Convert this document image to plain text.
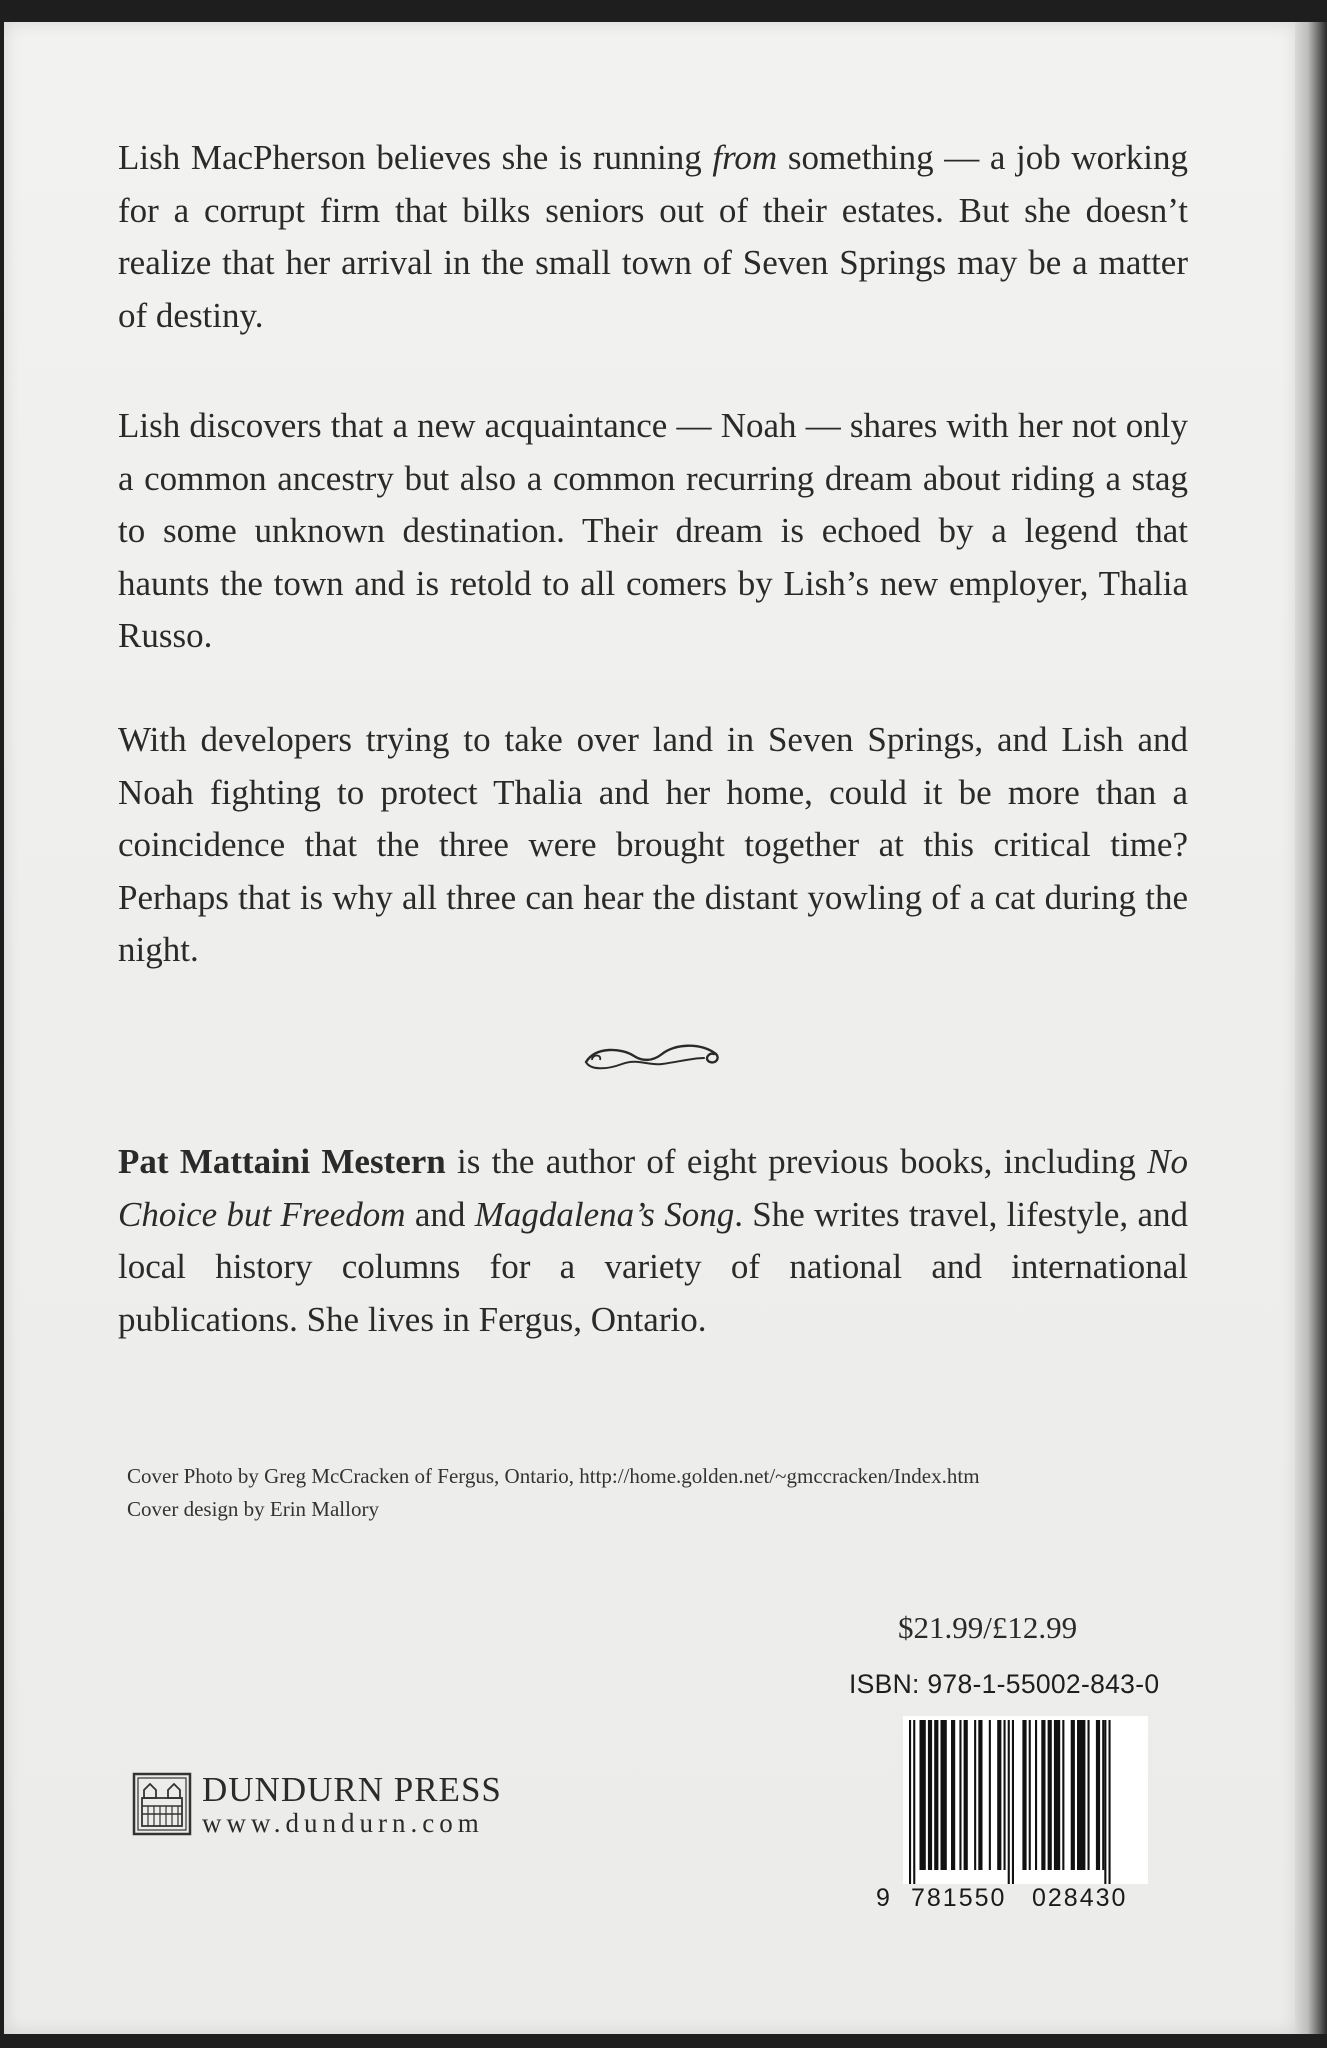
Lish MacPherson believes she is running from something — a job working for a corrupt firm that bilks seniors out of their estates. But she doesn’t realize that her arrival in the small town of Seven Springs may be a matter of destiny.

Lish discovers that a new acquaintance — Noah — shares with her not only a common ancestry but also a common recurring dream about riding a stag to some unknown destination. Their dream is echoed by a legend that haunts the town and is retold to all comers by Lish’s new employer, Thalia Russo.

With developers trying to take over land in Seven Springs, and Lish and Noah fighting to protect Thalia and her home, could it be more than a coincidence that the three were brought together at this critical time? Perhaps that is why all three can hear the distant yowling of a cat during the night.

Pat Mattaini Mestern is the author of eight previous books, including No Choice but Freedom and Magdalena’s Song. She writes travel, lifestyle, and local history columns for a variety of national and international publications. She lives in Fergus, Ontario.

Cover Photo by Greg McCracken of Fergus, Ontario, http://home.golden.net/~gmccracken/Index.htm
Cover design by Erin Mallory
$21.99/£12.99
ISBN: 978-1-55002-843-0
9 781550 028430
DUNDURN PRESS
www.dundurn.com
